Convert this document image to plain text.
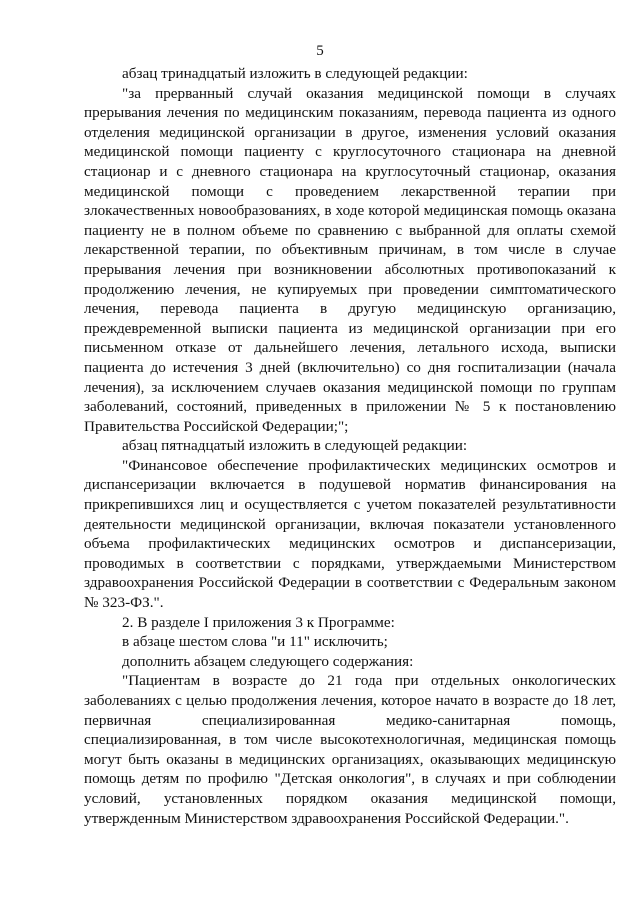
5

абзац тринадцатый изложить в следующей редакции:

"за прерванный случай оказания медицинской помощи в случаях прерывания лечения по медицинским показаниям, перевода пациента из одного отделения медицинской организации в другое, изменения условий оказания медицинской помощи пациенту с круглосуточного стационара на дневной стационар и с дневного стационара на круглосуточный стационар, оказания медицинской помощи с проведением лекарственной терапии при злокачественных новообразованиях, в ходе которой медицинская помощь оказана пациенту не в полном объеме по сравнению с выбранной для оплаты схемой лекарственной терапии, по объективным причинам, в том числе в случае прерывания лечения при возникновении абсолютных противопоказаний к продолжению лечения, не купируемых при проведении симптоматического лечения, перевода пациента в другую медицинскую организацию, преждевременной выписки пациента из медицинской организации при его письменном отказе от дальнейшего лечения, летального исхода, выписки пациента до истечения 3 дней (включительно) со дня госпитализации (начала лечения), за исключением случаев оказания медицинской помощи по группам заболеваний, состояний, приведенных в приложении № 5 к постановлению Правительства Российской Федерации;";

абзац пятнадцатый изложить в следующей редакции:

"Финансовое обеспечение профилактических медицинских осмотров и диспансеризации включается в подушевой норматив финансирования на прикрепившихся лиц и осуществляется с учетом показателей результативности деятельности медицинской организации, включая показатели установленного объема профилактических медицинских осмотров и диспансеризации, проводимых в соответствии с порядками, утверждаемыми Министерством здравоохранения Российской Федерации в соответствии с Федеральным законом № 323-ФЗ.".

2. В разделе I приложения 3 к Программе:

в абзаце шестом слова "и 11" исключить;

дополнить абзацем следующего содержания:

"Пациентам в возрасте до 21 года при отдельных онкологических заболеваниях с целью продолжения лечения, которое начато в возрасте до 18 лет, первичная специализированная медико-санитарная помощь, специализированная, в том числе высокотехнологичная, медицинская помощь могут быть оказаны в медицинских организациях, оказывающих медицинскую помощь детям по профилю "Детская онкология", в случаях и при соблюдении условий, установленных порядком оказания медицинской помощи, утвержденным Министерством здравоохранения Российской Федерации.".
